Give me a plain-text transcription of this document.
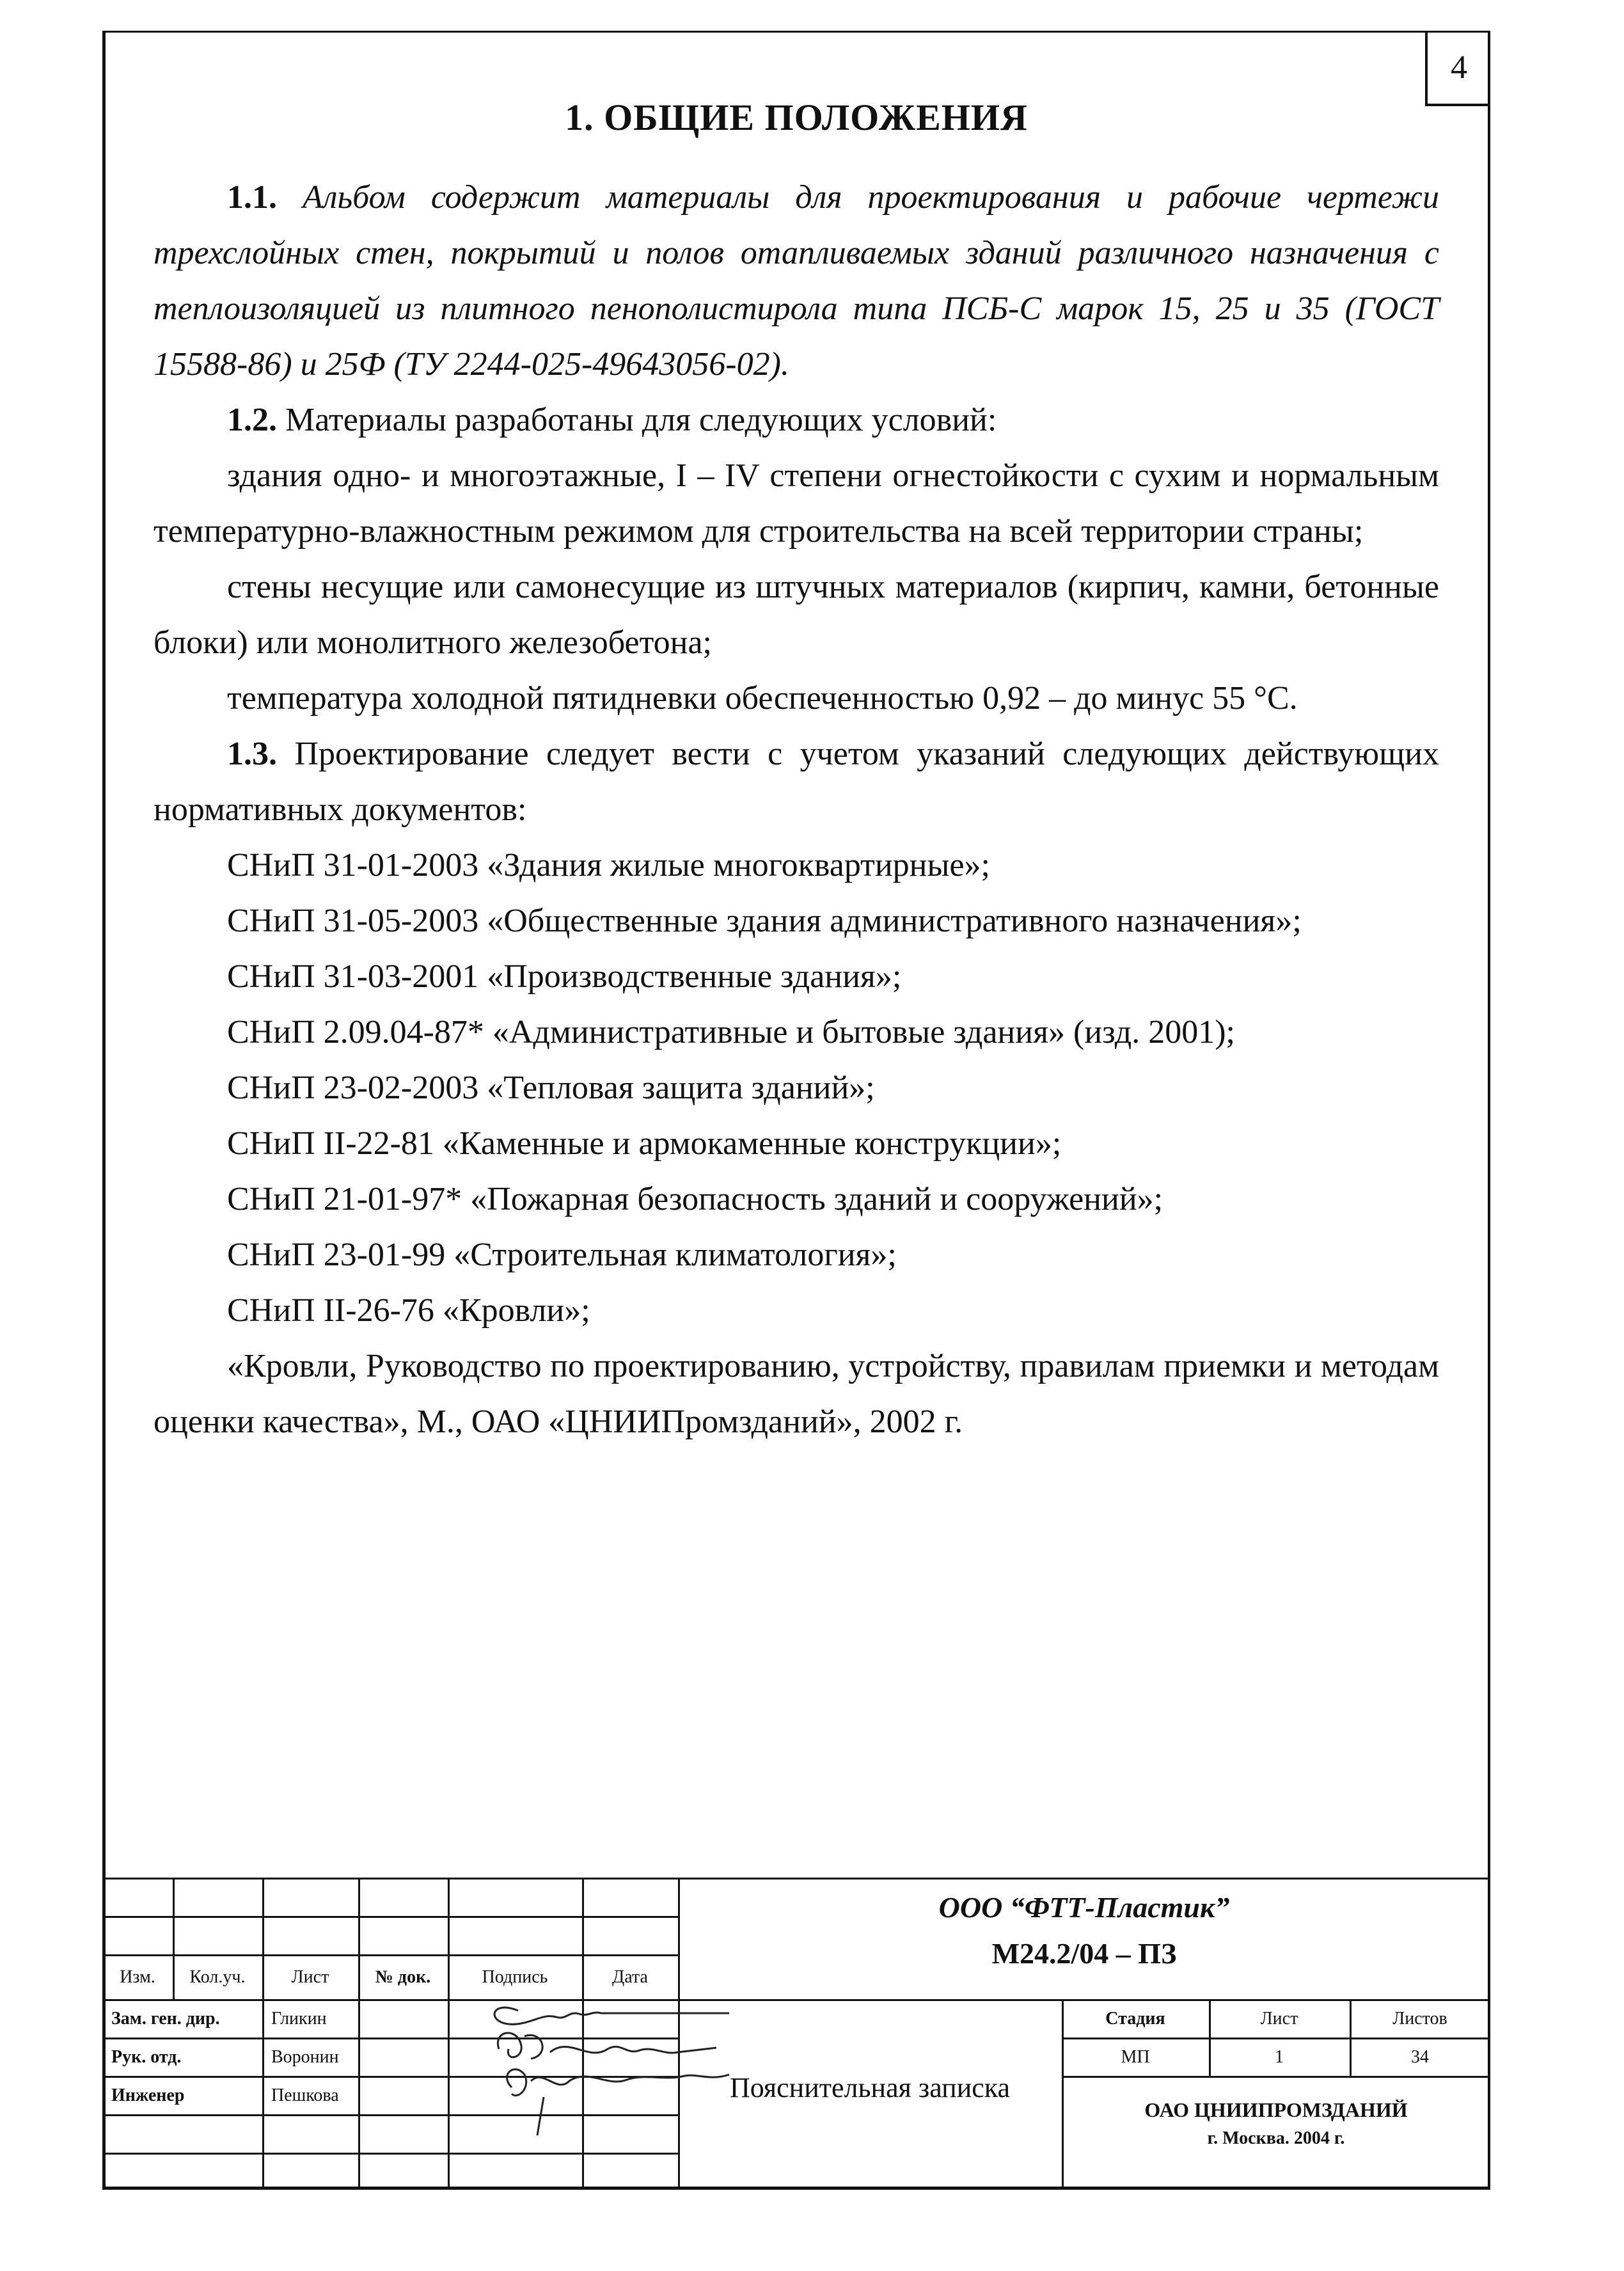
4
1. ОБЩИЕ ПОЛОЖЕНИЯ

1.1. Альбом содержит материалы для проектирования и рабочие чертежи трехслойных стен, покрытий и полов отапливаемых зданий различного назначения с теплоизоляцией из плитного пенополистирола типа ПСБ-С марок 15, 25 и 35 (ГОСТ 15588-86) и 25Ф (ТУ 2244-025-49643056-02).

1.2. Материалы разработаны для следующих условий:

здания одно- и многоэтажные, I – IV степени огнестойкости с сухим и нормальным температурно-влажностным режимом для строительства на всей территории страны;

стены несущие или самонесущие из штучных материалов (кирпич, камни, бетонные блоки) или монолитного железобетона;

температура холодной пятидневки обеспеченностью 0,92 – до минус 55 °С.

1.3. Проектирование следует вести с учетом указаний следующих действующих нормативных документов:

СНиП 31-01-2003 «Здания жилые многоквартирные»;

СНиП 31-05-2003 «Общественные здания административного назначения»;

СНиП 31-03-2001 «Производственные здания»;

СНиП 2.09.04-87* «Административные и бытовые здания» (изд. 2001);

СНиП 23-02-2003 «Тепловая защита зданий»;

СНиП II-22-81 «Каменные и армокаменные конструкции»;

СНиП 21-01-97* «Пожарная безопасность зданий и сооружений»;

СНиП 23-01-99 «Строительная климатология»;

СНиП II-26-76 «Кровли»;

«Кровли, Руководство по проектированию, устройству, правилам приемки и методам оценки качества», М., ОАО «ЦНИИПромзданий», 2002 г.

Изм.	Кол.уч.	Лист	№ док.	Подпись	Дата
Зам. ген. дир.	Гликин
Рук. отд.	Воронин
Инженер	Пешкова
ООО “ФТТ-Пластик”
М24.2/04 – ПЗ
Пояснительная записка
Стадия	Лист	Листов
МП	1	34
ОАО ЦНИИПРОМЗДАНИЙ
г. Москва. 2004 г.
